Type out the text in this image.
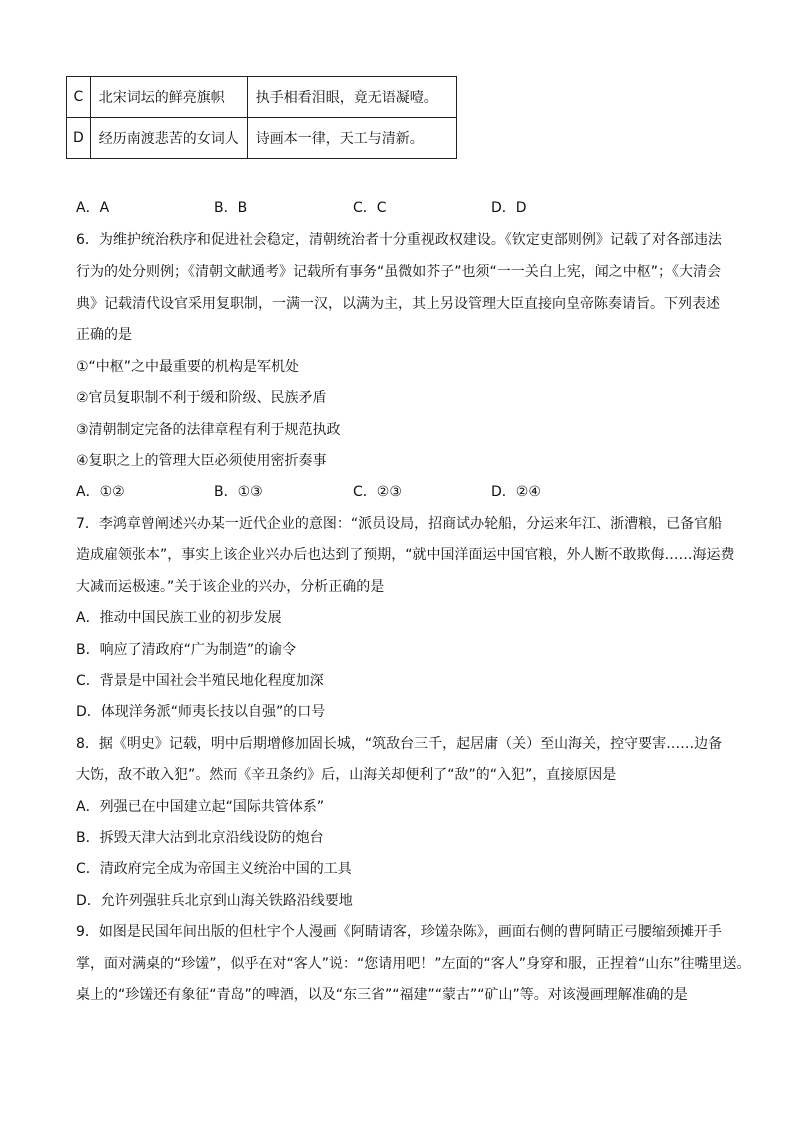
C	北宋词坛的鲜亮旗帜	执手相看泪眼，竟无语凝噎。
D	经历南渡悲苦的女词人	诗画本一律，天工与清新。
A．A	B．B	C．C	D．D
6．为维护统治秩序和促进社会稳定，清朝统治者十分重视政权建设。《钦定吏部则例》记载了对各部违法
行为的处分则例；《清朝文献通考》记载所有事务“虽微如芥子”也须“一一关白上宪，闻之中枢”；《大清会
典》记载清代设官采用复职制，一满一汉，以满为主，其上另设管理大臣直接向皇帝陈奏请旨。下列表述
正确的是
①“中枢”之中最重要的机构是军机处
②官员复职制不利于缓和阶级、民族矛盾
③清朝制定完备的法律章程有利于规范执政
④复职之上的管理大臣必须使用密折奏事
A．①②	B．①③	C．②③	D．②④
7．李鸿章曾阐述兴办某一近代企业的意图：“派员设局，招商试办轮船，分运来年江、浙漕粮，已备官船
造成雇领张本”，事实上该企业兴办后也达到了预期，“就中国洋面运中国官粮，外人断不敢欺侮……海运费
大减而运极速。”关于该企业的兴办，分析正确的是
A．推动中国民族工业的初步发展
B．响应了清政府“广为制造”的谕令
C．背景是中国社会半殖民地化程度加深
D．体现洋务派“师夷长技以自强”的口号
8．据《明史》记载，明中后期增修加固长城，“筑敌台三千，起居庸（关）至山海关，控守要害……边备
大饬，敌不敢入犯”。然而《辛丑条约》后，山海关却便利了“敌”的“入犯”，直接原因是
A．列强已在中国建立起“国际共管体系”
B．拆毁天津大沽到北京沿线设防的炮台
C．清政府完全成为帝国主义统治中国的工具
D．允许列强驻兵北京到山海关铁路沿线要地
9．如图是民国年间出版的但杜宇个人漫画《阿睛请客，珍馐杂陈》，画面右侧的曹阿睛正弓腰缩颈摊开手
掌，面对满桌的“珍馐”，似乎在对“客人”说：“您请用吧！”左面的“客人”身穿和服，正捏着“山东”往嘴里送。
桌上的“珍馐还有象征“青岛”的啤酒，以及“东三省”“福建”“蒙古”“矿山”等。对该漫画理解准确的是
